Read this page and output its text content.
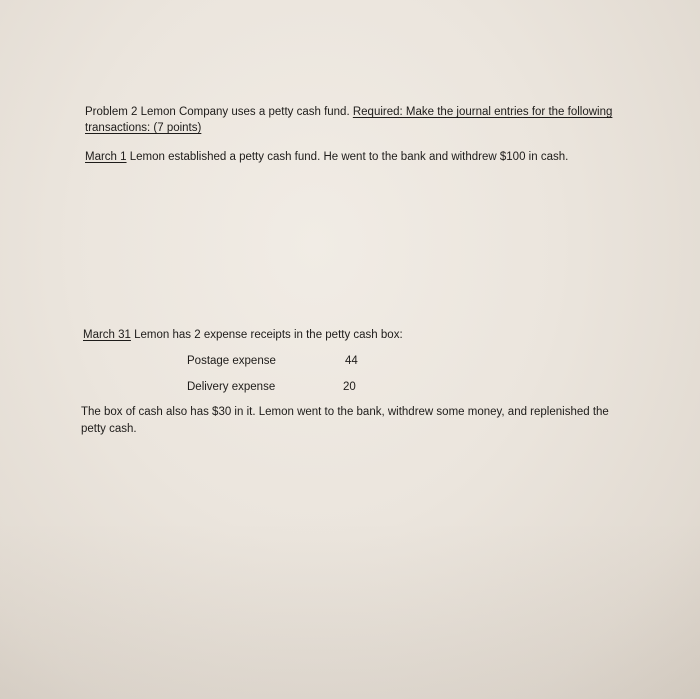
Problem 2 Lemon Company uses a petty cash fund. Required: Make the journal entries for the following
transactions: (7 points)
March 1 Lemon established a petty cash fund. He went to the bank and withdrew $100 in cash.
March 31 Lemon has 2 expense receipts in the petty cash box:
Postage expense	44
Delivery expense	20
The box of cash also has $30 in it. Lemon went to the bank, withdrew some money, and replenished the
petty cash.
